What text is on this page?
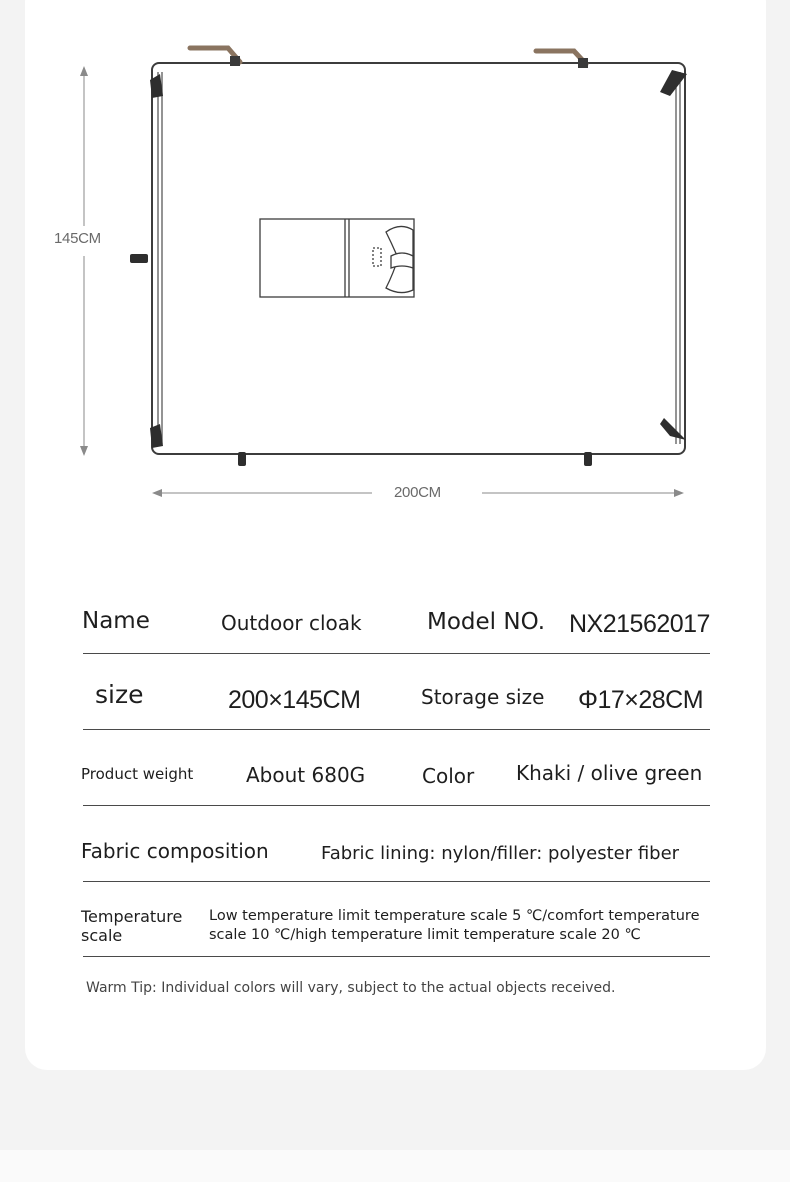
145CM
200CM
Name	Outdoor cloak	Model NO. NX21562017
size	200×145CM	Storage size Φ17×28CM
Product weight	About 680G	Color Khaki / olive green
Fabric composition	Fabric lining: nylon/filler: polyester fiber
Temperature scale
Low temperature limit temperature scale 5 ℃/comfort temperature scale 10 ℃/high temperature limit temperature scale 20 ℃
Warm Tip: Individual colors will vary, subject to the actual objects received.
